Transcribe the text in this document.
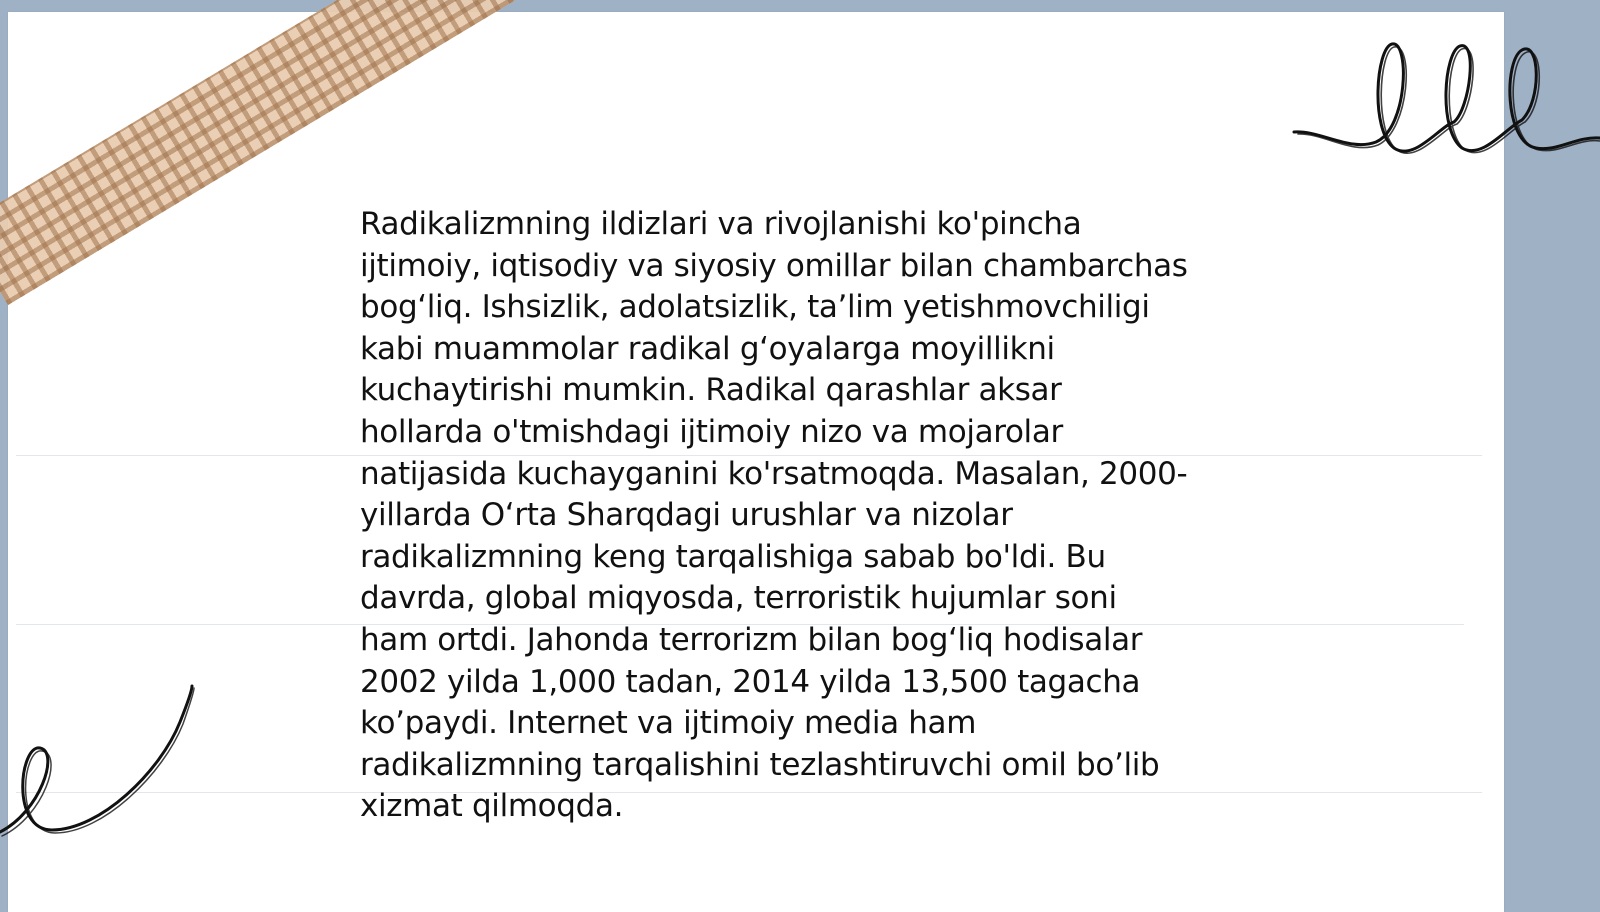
Radikalizmning ildizlari va rivojlanishi ko'pincha
ijtimoiy, iqtisodiy va siyosiy omillar bilan chambarchas
bog‘liq. Ishsizlik, adolatsizlik, ta’lim yetishmovchiligi
kabi muammolar radikal g‘oyalarga moyillikni
kuchaytirishi mumkin. Radikal qarashlar aksar
hollarda o'tmishdagi ijtimoiy nizo va mojarolar
natijasida kuchayganini ko'rsatmoqda. Masalan, 2000-
yillarda O‘rta Sharqdagi urushlar va nizolar
radikalizmning keng tarqalishiga sabab bo'ldi. Bu
davrda, global miqyosda, terroristik hujumlar soni
ham ortdi. Jahonda terrorizm bilan bog‘liq hodisalar
2002 yilda 1,000 tadan, 2014 yilda 13,500 tagacha
ko’paydi. Internet va ijtimoiy media ham
radikalizmning tarqalishini tezlashtiruvchi omil bo’lib
xizmat qilmoqda.
